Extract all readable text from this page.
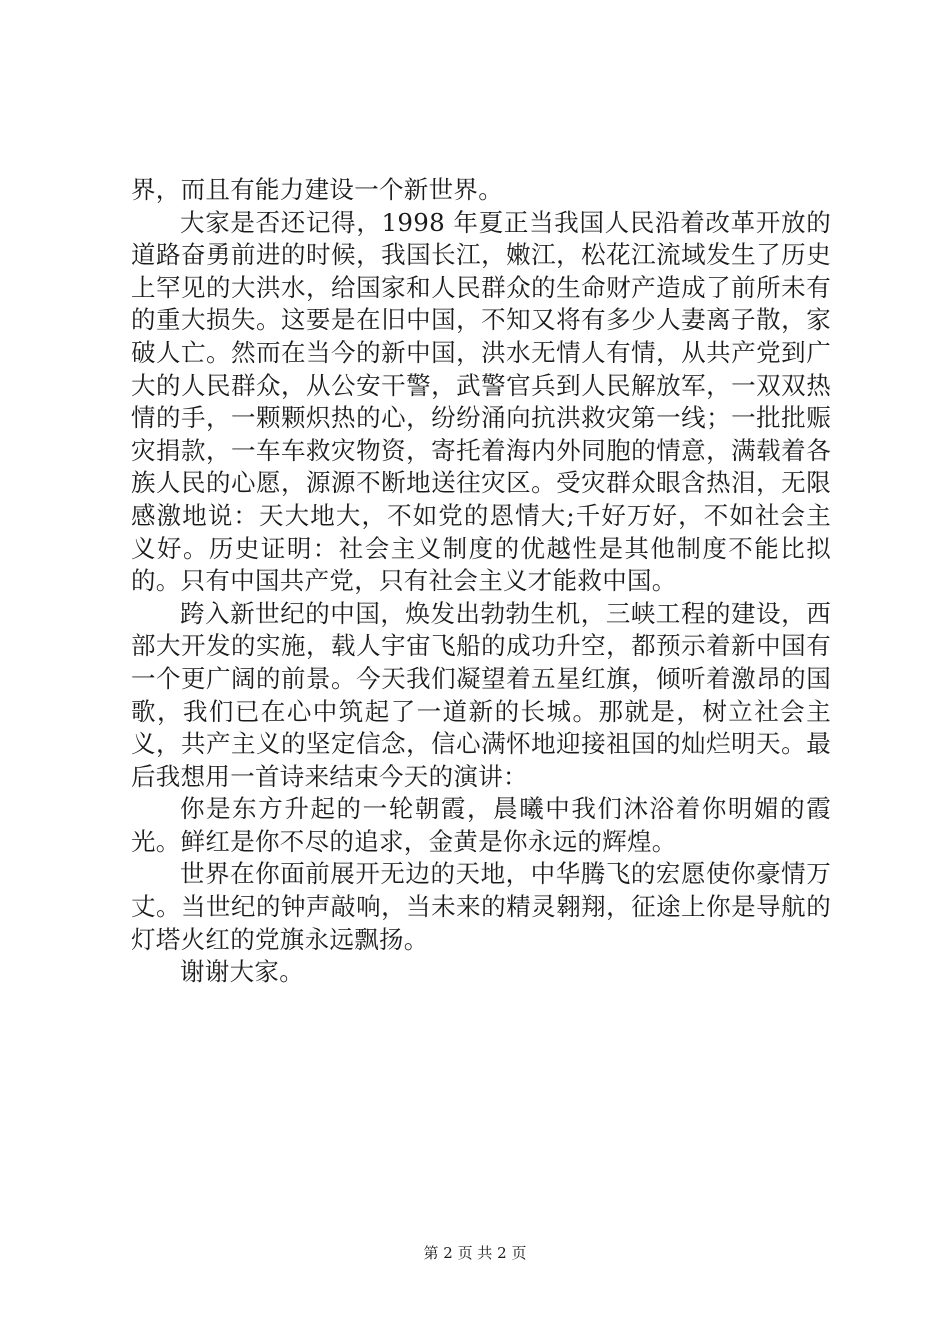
界，而且有能力建设一个新世界。

大家是否还记得，1998 年夏正当我国人民沿着改革开放的道路奋勇前进的时候，我国长江，嫩江，松花江流域发生了历史上罕见的大洪水，给国家和人民群众的生命财产造成了前所未有的重大损失。这要是在旧中国，不知又将有多少人妻离子散，家破人亡。然而在当今的新中国，洪水无情人有情，从共产党到广大的人民群众，从公安干警，武警官兵到人民解放军，一双双热情的手，一颗颗炽热的心，纷纷涌向抗洪救灾第一线；一批批赈灾捐款，一车车救灾物资，寄托着海内外同胞的情意，满载着各族人民的心愿，源源不断地送往灾区。受灾群众眼含热泪，无限感激地说：天大地大，不如党的恩情大;千好万好，不如社会主义好。历史证明：社会主义制度的优越性是其他制度不能比拟的。只有中国共产党，只有社会主义才能救中国。

跨入新世纪的中国，焕发出勃勃生机，三峡工程的建设，西部大开发的实施，载人宇宙飞船的成功升空，都预示着新中国有一个更广阔的前景。今天我们凝望着五星红旗，倾听着激昂的国歌，我们已在心中筑起了一道新的长城。那就是，树立社会主义，共产主义的坚定信念，信心满怀地迎接祖国的灿烂明天。最后我想用一首诗来结束今天的演讲：

你是东方升起的一轮朝霞，晨曦中我们沐浴着你明媚的霞光。鲜红是你不尽的追求，金黄是你永远的辉煌。

世界在你面前展开无边的天地，中华腾飞的宏愿使你豪情万丈。当世纪的钟声敲响，当未来的精灵翱翔，征途上你是导航的灯塔火红的党旗永远飘扬。

谢谢大家。

第 2 页 共 2 页
